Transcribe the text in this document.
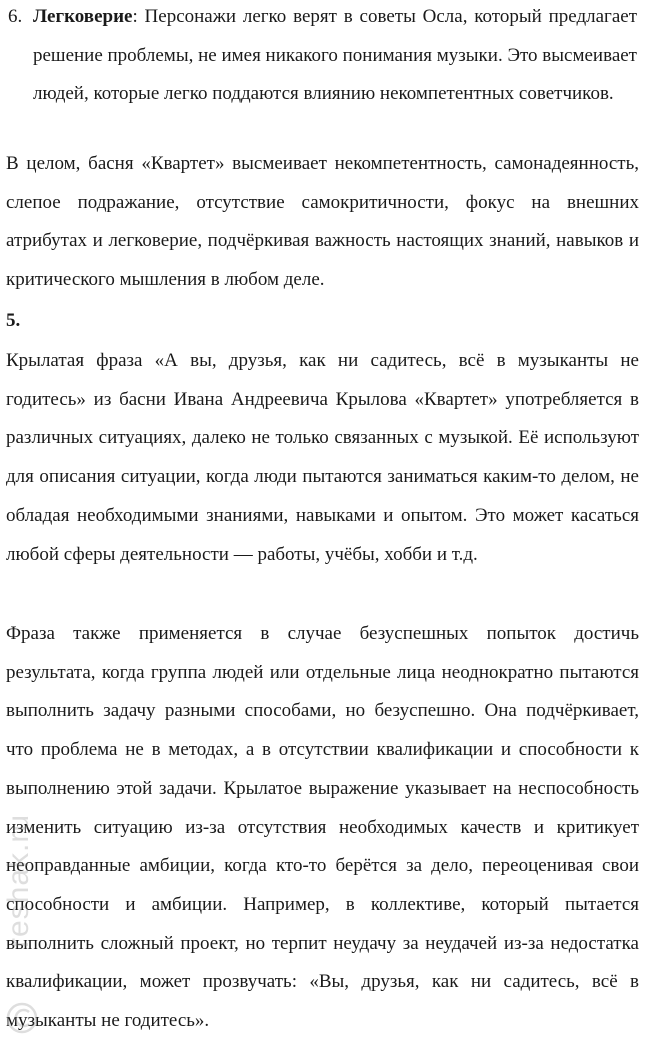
6. Легковерие: Персонажи легко верят в советы Осла, который предлагает решение проблемы, не имея никакого понимания музыки. Это высмеивает людей, которые легко поддаются влиянию некомпетентных советчиков.

В целом, басня «Квартет» высмеивает некомпетентность, самонадеянность, слепое подражание, отсутствие самокритичности, фокус на внешних атрибутах и легковерие, подчёркивая важность настоящих знаний, навыков и критического мышления в любом деле.

5.

Крылатая фраза «А вы, друзья, как ни садитесь, всё в музыканты не годитесь» из басни Ивана Андреевича Крылова «Квартет» употребляется в различных ситуациях, далеко не только связанных с музыкой. Её используют для описания ситуации, когда люди пытаются заниматься каким-то делом, не обладая необходимыми знаниями, навыками и опытом. Это может касаться любой сферы деятельности — работы, учёбы, хобби и т.д.

Фраза также применяется в случае безуспешных попыток достичь результата, когда группа людей или отдельные лица неоднократно пытаются выполнить задачу разными способами, но безуспешно. Она подчёркивает, что проблема не в методах, а в отсутствии квалификации и способности к выполнению этой задачи. Крылатое выражение указывает на неспособность изменить ситуацию из-за отсутствия необходимых качеств и критикует неоправданные амбиции, когда кто-то берётся за дело, переоценивая свои способности и амбиции. Например, в коллективе, который пытается выполнить сложный проект, но терпит неудачу за неудачей из-за недостатка квалификации, может прозвучать: «Вы, друзья, как ни садитесь, всё в музыканты не годитесь».

reshak.ru
